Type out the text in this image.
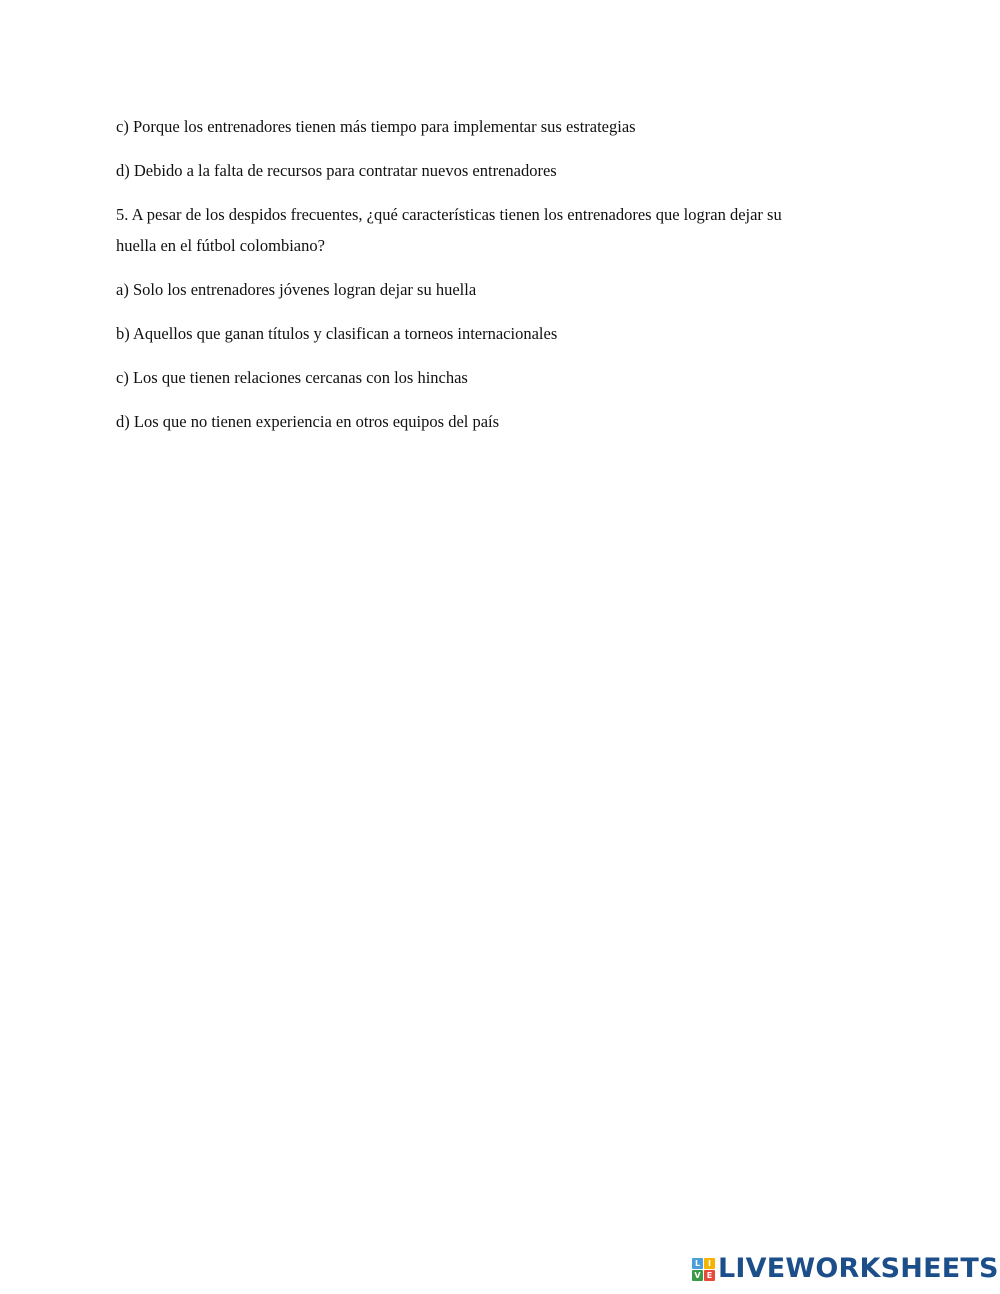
c) Porque los entrenadores tienen más tiempo para implementar sus estrategias
d) Debido a la falta de recursos para contratar nuevos entrenadores
5. A pesar de los despidos frecuentes, ¿qué características tienen los entrenadores que logran dejar su
huella en el fútbol colombiano?
a) Solo los entrenadores jóvenes logran dejar su huella
b) Aquellos que ganan títulos y clasifican a torneos internacionales
c) Los que tienen relaciones cercanas con los hinchas
d) Los que no tienen experiencia en otros equipos del país
L I
V E LIVEWORKSHEETS
